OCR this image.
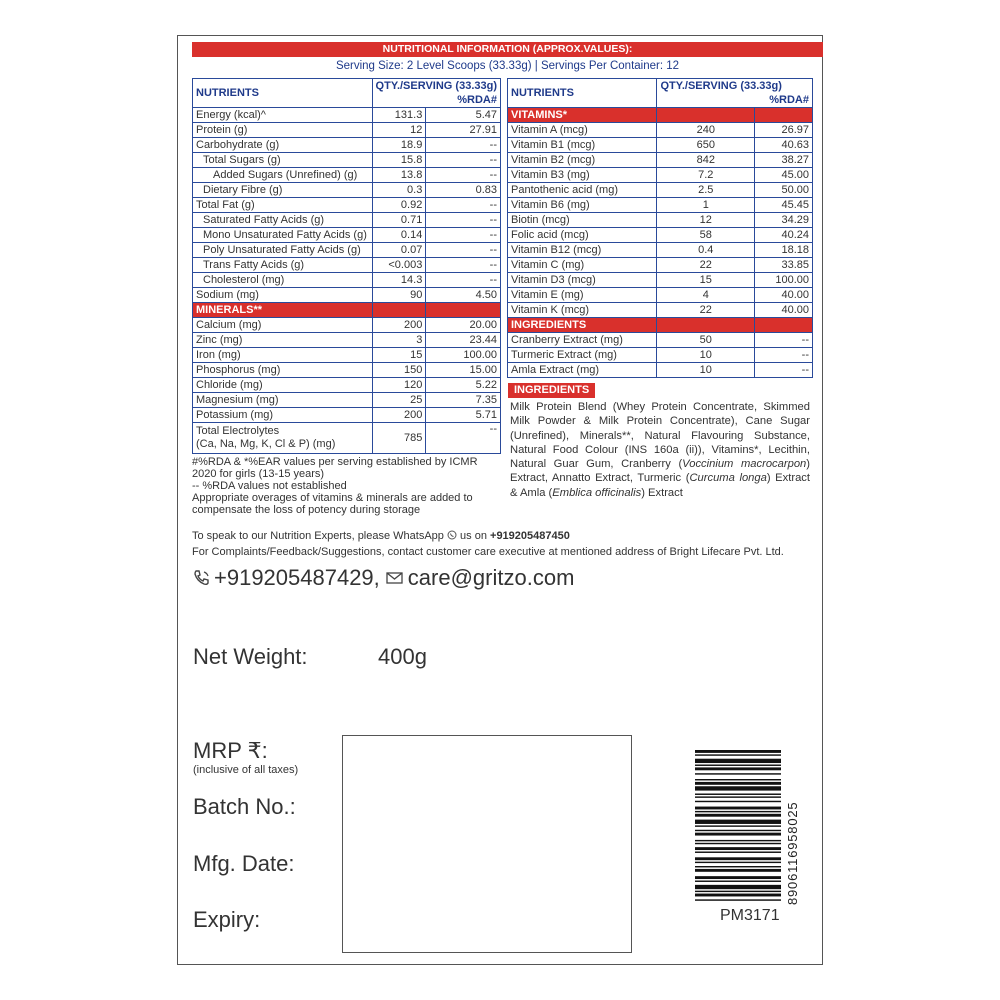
NUTRITIONAL INFORMATION (APPROX.VALUES):
Serving Size: 2 Level Scoops (33.33g) | Servings Per Container: 12
NUTRIENTS	QTY./SERVING (33.33g)
%RDA#	

Energy (kcal)^	131.3	5.47
Protein (g)	12	27.91
Carbohydrate (g)	18.9	--
Total Sugars (g)	15.8	--
Added Sugars (Unrefined) (g)	13.8	--
Dietary Fibre (g)	0.3	0.83
Total Fat (g)	0.92	--
Saturated Fatty Acids (g)	0.71	--
Mono Unsaturated Fatty Acids (g)	0.14	--
Poly Unsaturated Fatty Acids (g)	0.07	--
Trans Fatty Acids (g)	<0.003	--
Cholesterol (mg)	14.3	--
Sodium (mg)	90	4.50
MINERALS**		
Calcium (mg)	200	20.00
Zinc (mg)	3	23.44
Iron (mg)	15	100.00
Phosphorus (mg)	150	15.00
Chloride (mg)	120	5.22
Magnesium (mg)	25	7.35
Potassium (mg)	200	5.71
Total Electrolytes
(Ca, Na, Mg, K, Cl & P) (mg)	785	--
NUTRIENTS	QTY./SERVING (33.33g)
%RDA#	

VITAMINS*		
Vitamin A (mcg)	240	26.97
Vitamin B1 (mcg)	650	40.63
Vitamin B2 (mcg)	842	38.27
Vitamin B3 (mg)	7.2	45.00
Pantothenic acid (mg)	2.5	50.00
Vitamin B6 (mg)	1	45.45
Biotin (mcg)	12	34.29
Folic acid (mcg)	58	40.24
Vitamin B12 (mcg)	0.4	18.18
Vitamin C (mg)	22	33.85
Vitamin D3 (mcg)	15	100.00
Vitamin E (mg)	4	40.00
Vitamin K (mcg)	22	40.00
INGREDIENTS		
Cranberry Extract (mg)	50	--
Turmeric Extract (mg)	10	--
Amla Extract (mg)	10	--
INGREDIENTS
Milk Protein Blend (Whey Protein Concentrate, Skimmed Milk Powder & Milk Protein Concentrate), Cane Sugar (Unrefined), Minerals**, Natural Flavouring Substance, Natural Food Colour (INS 160a (ii)), Vitamins*, Lecithin, Natural Guar Gum, Cranberry (Voccinium macrocarpon) Extract, Annatto Extract, Turmeric (Curcuma longa) Extract & Amla (Emblica officinalis) Extract
#%RDA & *%EAR values per serving established by ICMR 2020 for girls (13-15 years)
-- %RDA values not established
Appropriate overages of vitamins & minerals are added to compensate the loss of potency during storage
To speak to our Nutrition Experts, please WhatsApp us on +919205487450
For Complaints/Feedback/Suggestions, contact customer care executive at mentioned address of Bright Lifecare Pvt. Ltd.
+919205487429, care@gritzo.com
Net Weight:	400g
MRP ₹:
(inclusive of all taxes)
Batch No.:
Mfg. Date:
Expiry:
8906116958025
PM3171
